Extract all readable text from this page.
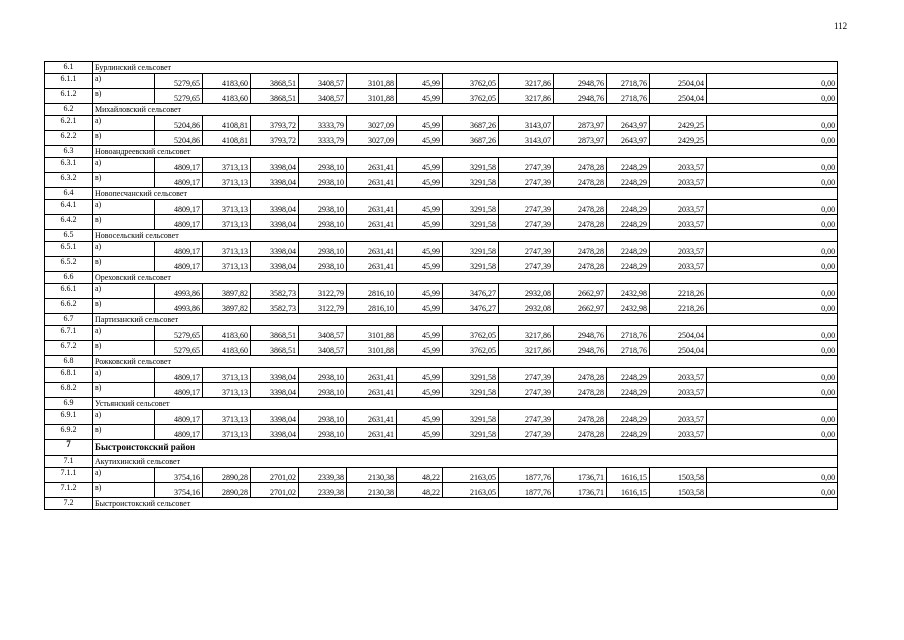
112
6.1	Бурлинский сельсовет												
6.1.1	а)	5279,65	4183,60	3868,51	3408,57	3101,88	45,99	3762,05	3217,86	2948,76	2718,76	2504,04	0,00
6.1.2	в)	5279,65	4183,60	3868,51	3408,57	3101,88	45,99	3762,05	3217,86	2948,76	2718,76	2504,04	0,00
6.2	Михайловский сельсовет												
6.2.1	а)	5204,86	4108,81	3793,72	3333,79	3027,09	45,99	3687,26	3143,07	2873,97	2643,97	2429,25	0,00
6.2.2	в)	5204,86	4108,81	3793,72	3333,79	3027,09	45,99	3687,26	3143,07	2873,97	2643,97	2429,25	0,00
6.3	Новоандреевский сельсовет												
6.3.1	а)	4809,17	3713,13	3398,04	2938,10	2631,41	45,99	3291,58	2747,39	2478,28	2248,29	2033,57	0,00
6.3.2	в)	4809,17	3713,13	3398,04	2938,10	2631,41	45,99	3291,58	2747,39	2478,28	2248,29	2033,57	0,00
6.4	Новопесчанский сельсовет												
6.4.1	а)	4809,17	3713,13	3398,04	2938,10	2631,41	45,99	3291,58	2747,39	2478,28	2248,29	2033,57	0,00
6.4.2	в)	4809,17	3713,13	3398,04	2938,10	2631,41	45,99	3291,58	2747,39	2478,28	2248,29	2033,57	0,00
6.5	Новосельский сельсовет												
6.5.1	а)	4809,17	3713,13	3398,04	2938,10	2631,41	45,99	3291,58	2747,39	2478,28	2248,29	2033,57	0,00
6.5.2	в)	4809,17	3713,13	3398,04	2938,10	2631,41	45,99	3291,58	2747,39	2478,28	2248,29	2033,57	0,00
6.6	Ореховский сельсовет												
6.6.1	а)	4993,86	3897,82	3582,73	3122,79	2816,10	45,99	3476,27	2932,08	2662,97	2432,98	2218,26	0,00
6.6.2	в)	4993,86	3897,82	3582,73	3122,79	2816,10	45,99	3476,27	2932,08	2662,97	2432,98	2218,26	0,00
6.7	Партизанский сельсовет												
6.7.1	а)	5279,65	4183,60	3868,51	3408,57	3101,88	45,99	3762,05	3217,86	2948,76	2718,76	2504,04	0,00
6.7.2	в)	5279,65	4183,60	3868,51	3408,57	3101,88	45,99	3762,05	3217,86	2948,76	2718,76	2504,04	0,00
6.8	Рожковский сельсовет												
6.8.1	а)	4809,17	3713,13	3398,04	2938,10	2631,41	45,99	3291,58	2747,39	2478,28	2248,29	2033,57	0,00
6.8.2	в)	4809,17	3713,13	3398,04	2938,10	2631,41	45,99	3291,58	2747,39	2478,28	2248,29	2033,57	0,00
6.9	Устьянский сельсовет												
6.9.1	а)	4809,17	3713,13	3398,04	2938,10	2631,41	45,99	3291,58	2747,39	2478,28	2248,29	2033,57	0,00
6.9.2	в)	4809,17	3713,13	3398,04	2938,10	2631,41	45,99	3291,58	2747,39	2478,28	2248,29	2033,57	0,00
7	Быстроистокский район												
7.1	Акутихинский сельсовет												
7.1.1	а)	3754,16	2890,28	2701,02	2339,38	2130,38	48,22	2163,05	1877,76	1736,71	1616,15	1503,58	0,00
7.1.2	в)	3754,16	2890,28	2701,02	2339,38	2130,38	48,22	2163,05	1877,76	1736,71	1616,15	1503,58	0,00
7.2	Быстроистокский сельсовет												
